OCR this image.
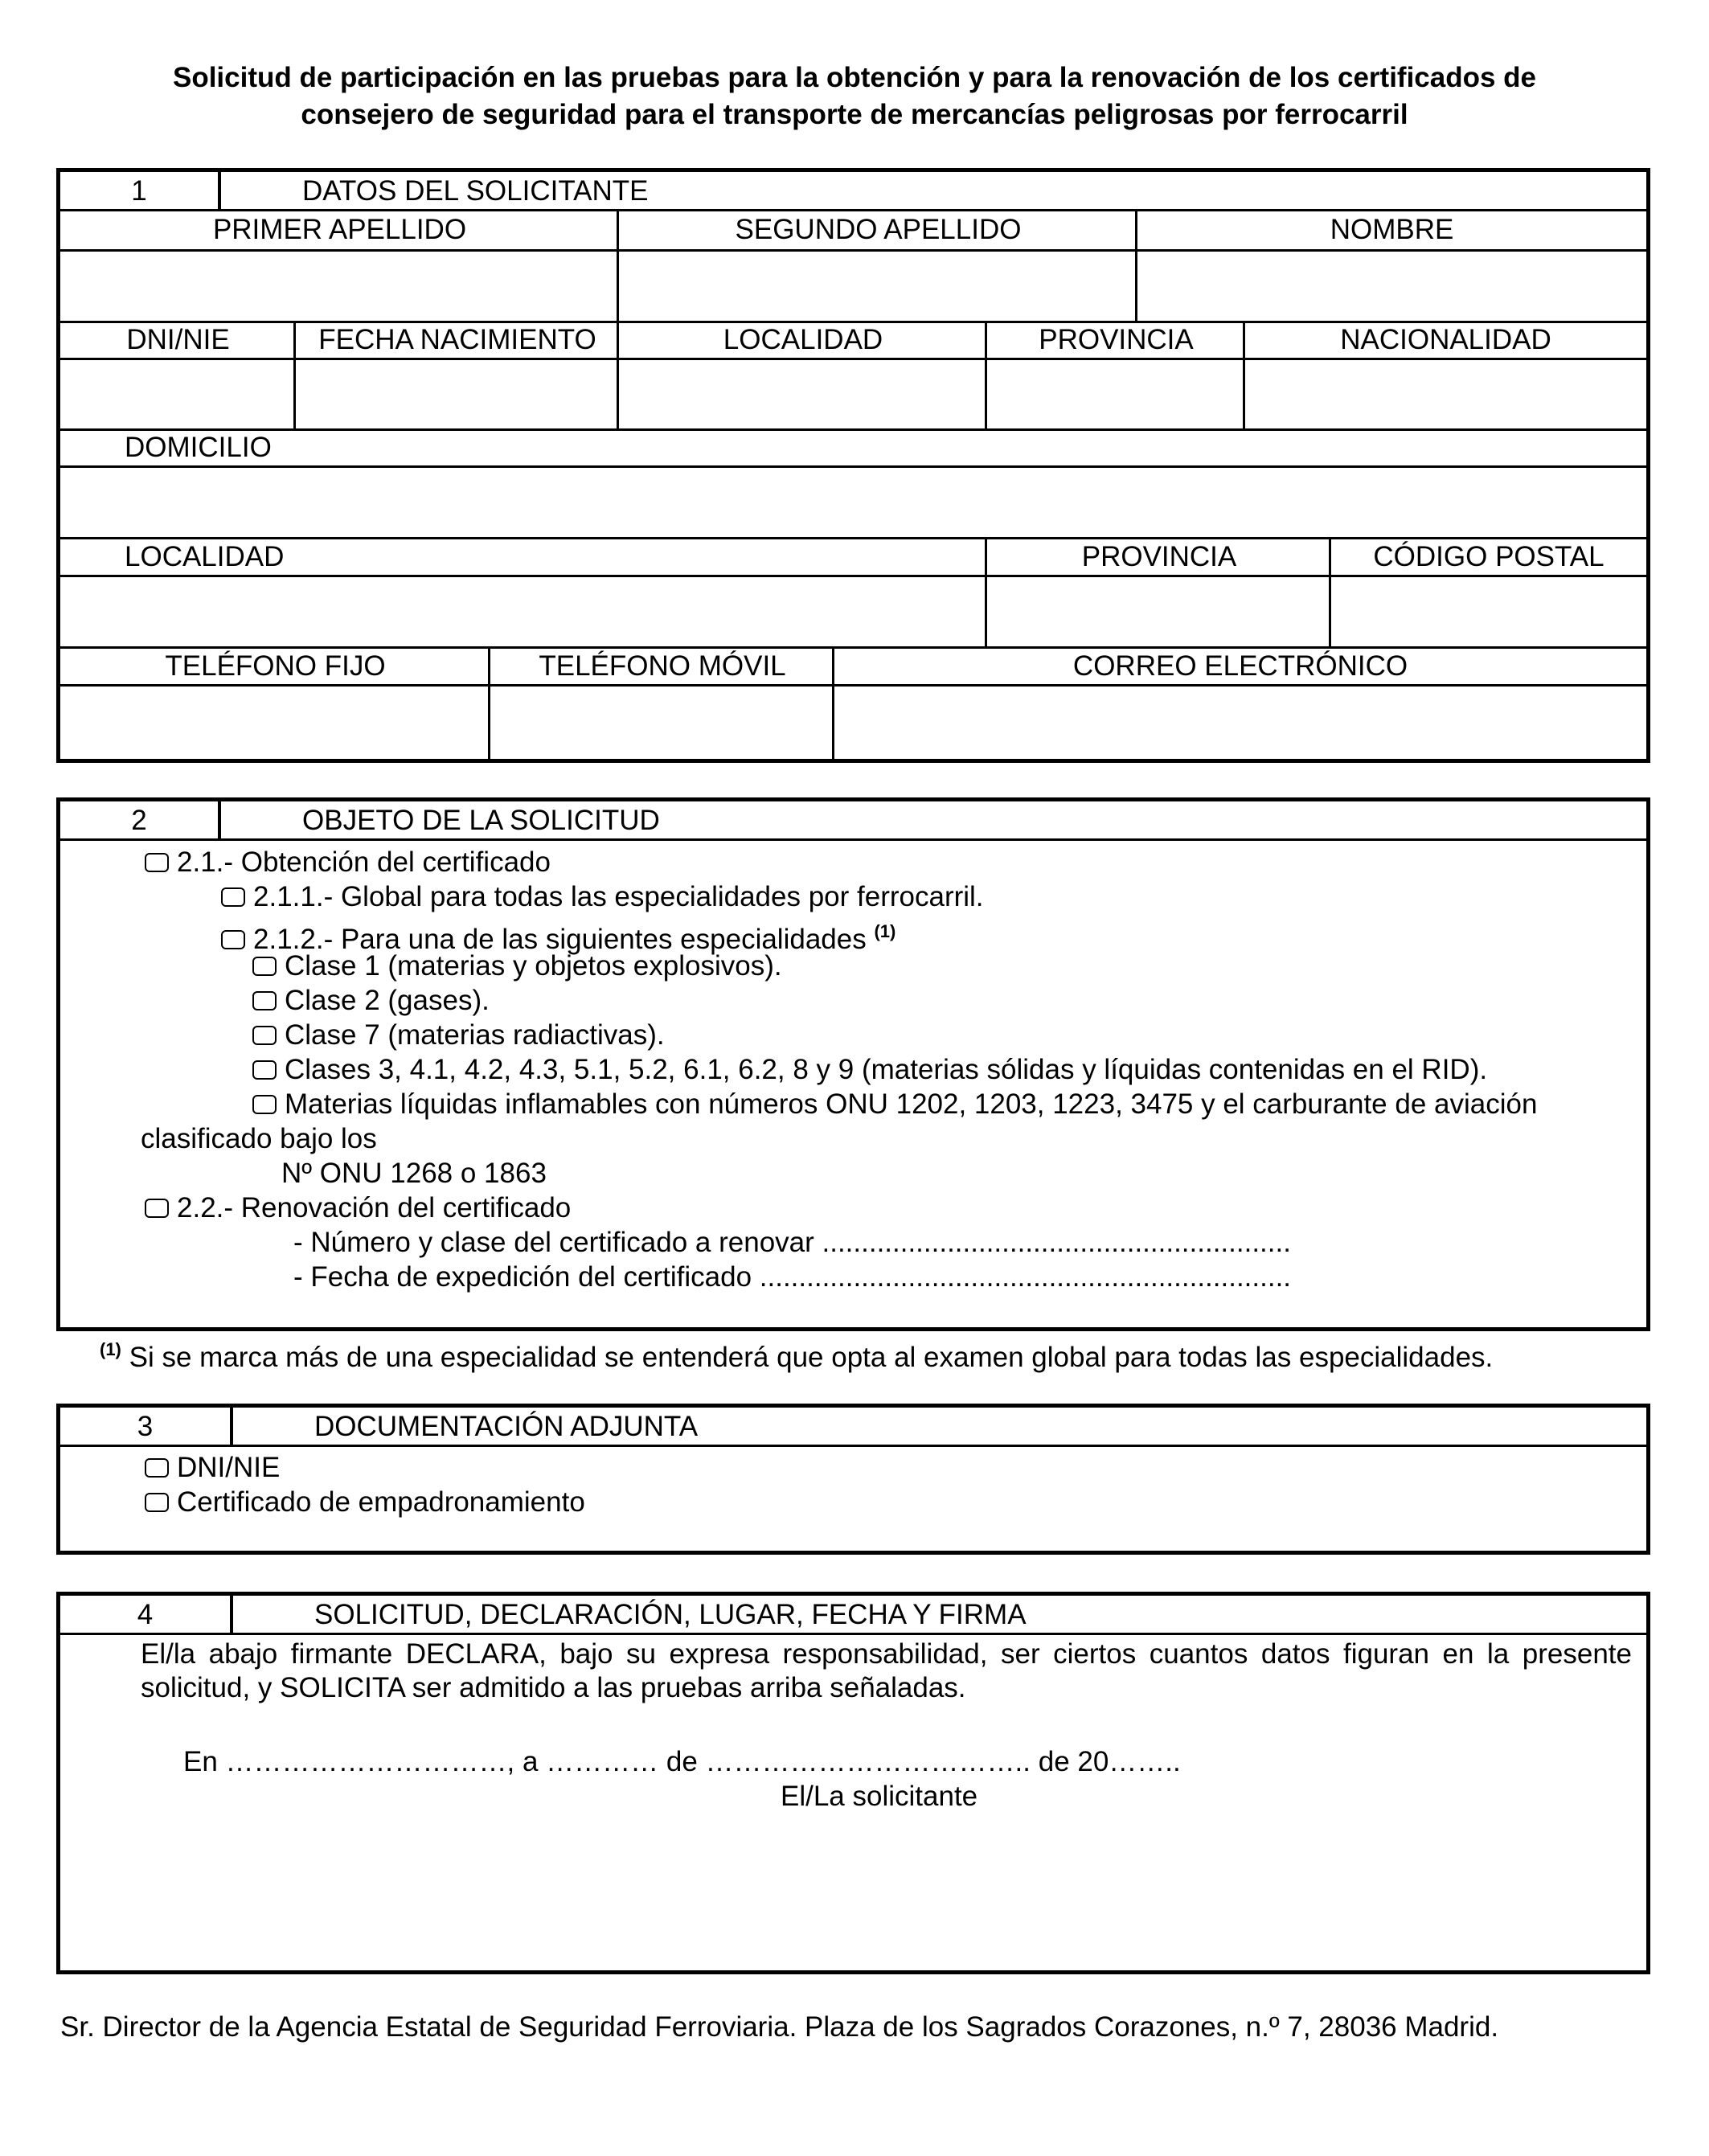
Solicitud de participación en las pruebas para la obtención y para la renovación de los certificados de
consejero de seguridad para el transporte de mercancías peligrosas por ferrocarril
1	DATOS DEL SOLICITANTE
PRIMER APELLIDO	SEGUNDO APELLIDO	NOMBRE
DNI/NIE	FECHA NACIMIENTO	LOCALIDAD	PROVINCIA	NACIONALIDAD
DOMICILIO
LOCALIDAD	PROVINCIA	CÓDIGO POSTAL
TELÉFONO FIJO	TELÉFONO MÓVIL	CORREO ELECTRÓNICO
2	OBJETO DE LA SOLICITUD
2.1.- Obtención del certificado
2.1.1.- Global para todas las especialidades por ferrocarril.
2.1.2.- Para una de las siguientes especialidades $^{(1)}$
Clase 1 (materias y objetos explosivos).
Clase 2 (gases).
Clase 7 (materias radiactivas).
Clases 3, 4.1, 4.2, 4.3, 5.1, 5.2, 6.1, 6.2, 8 y 9 (materias sólidas y líquidas contenidas en el RID).
Materias líquidas inflamables con números ONU 1202, 1203, 1223, 3475 y el carburante de aviación
clasificado bajo los
Nº ONU 1268 o 1863
2.2.- Renovación del certificado
- Número y clase del certificado a renovar ............................................................
- Fecha de expedición del certificado ....................................................................
$^{(1)}$ Si se marca más de una especialidad se entenderá que opta al examen global para todas las especialidades.
3	DOCUMENTACIÓN ADJUNTA
DNI/NIE
Certificado de empadronamiento
4	SOLICITUD, DECLARACIÓN, LUGAR, FECHA Y FIRMA
El/la abajo firmante DECLARA, bajo su expresa responsabilidad, ser ciertos cuantos datos figuran en la presente solicitud, y SOLICITA ser admitido a las pruebas arriba señaladas.
En …………………………, a ………… de …………………………….. de 20……..
El/La solicitante
Sr. Director de la Agencia Estatal de Seguridad Ferroviaria. Plaza de los Sagrados Corazones, n.º 7, 28036 Madrid.
